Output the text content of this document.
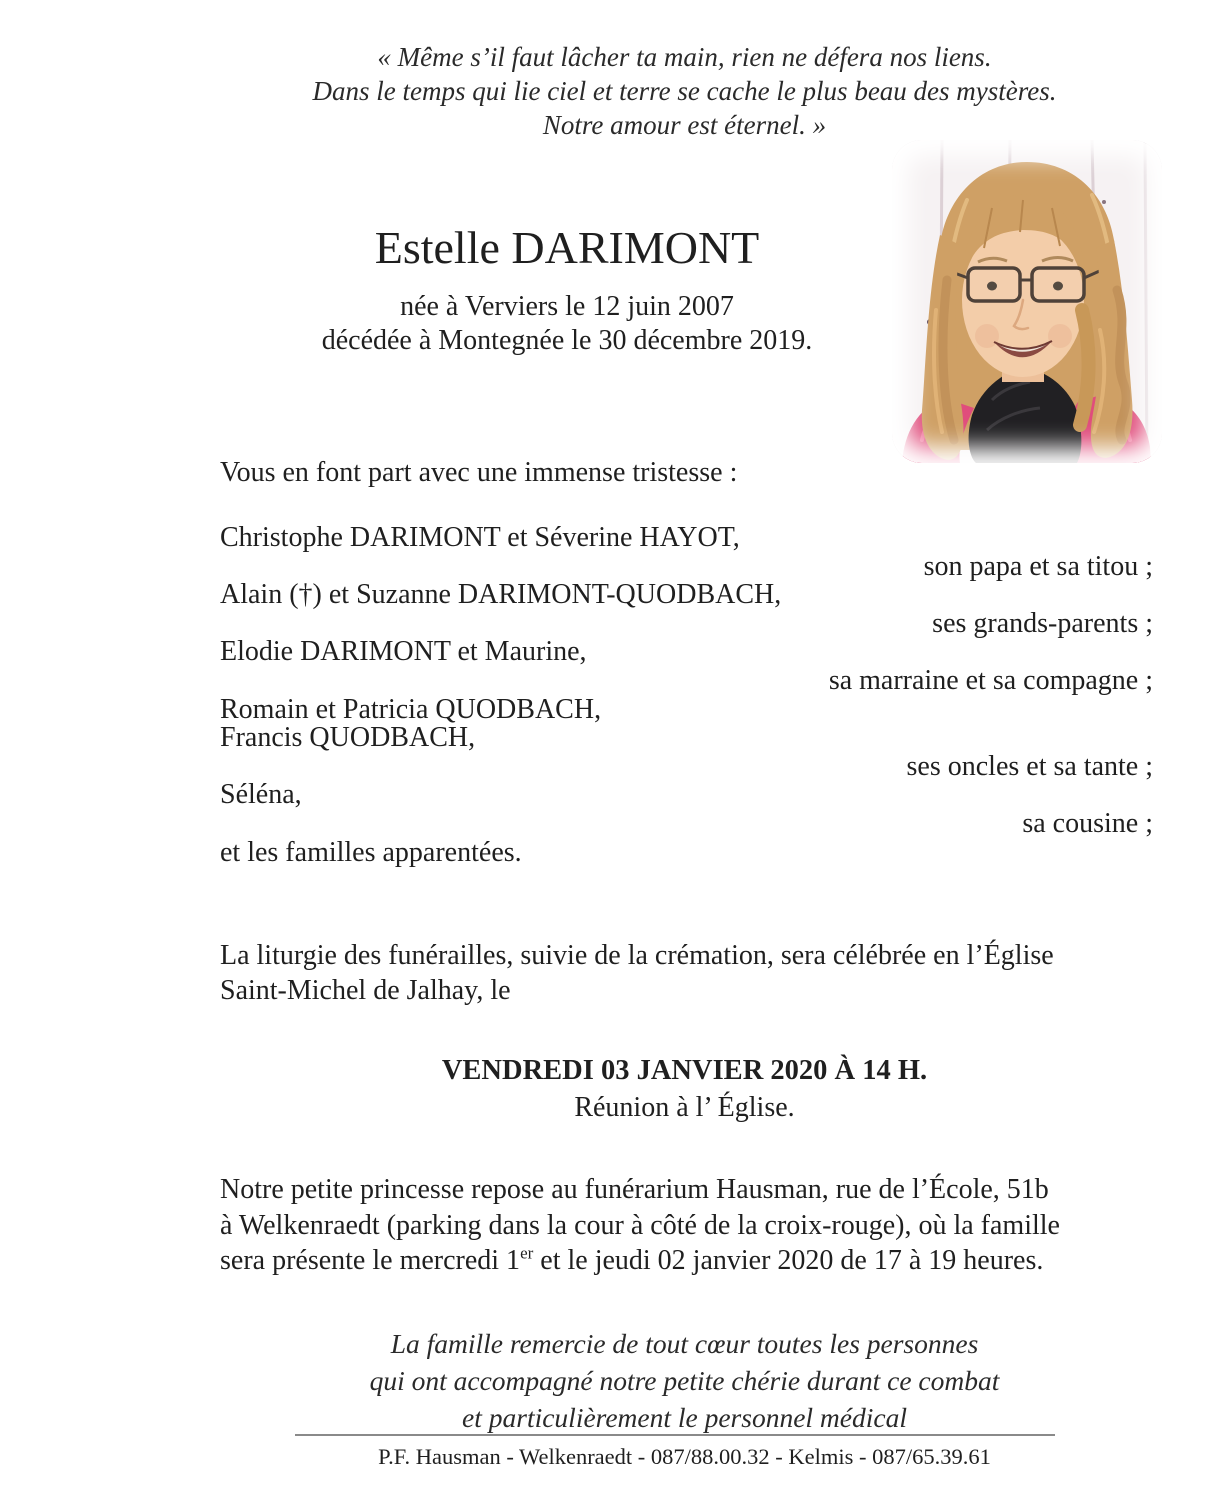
« Même s’il faut lâcher ta main, rien ne défera nos liens.
Dans le temps qui lie ciel et terre se cache le plus beau des mystères.
Notre amour est éternel. »
Estelle DARIMONT
née à Verviers le 12 juin 2007
décédée à Montegnée le 30 décembre 2019.
Vous en font part avec une immense tristesse :
Christophe DARIMONT et Séverine HAYOT,
son papa et sa titou ;
Alain (†) et Suzanne DARIMONT-QUODBACH,
ses grands-parents ;
Elodie DARIMONT et Maurine,
sa marraine et sa compagne ;
Romain et Patricia QUODBACH,
Francis QUODBACH,
ses oncles et sa tante ;
Séléna,
sa cousine ;
et les familles apparentées.
La liturgie des funérailles, suivie de la crémation, sera célébrée en l’Église
Saint-Michel de Jalhay, le
VENDREDI 03 JANVIER 2020 À 14 H.
Réunion à l’ Église.
Notre petite princesse repose au funérarium Hausman, rue de l’École, 51b
à Welkenraedt (parking dans la cour à côté de la croix-rouge), où la famille
sera présente le mercredi 1er et le jeudi 02 janvier 2020 de 17 à 19 heures.
La famille remercie de tout cœur toutes les personnes
qui ont accompagné notre petite chérie durant ce combat
et particulièrement le personnel médical
P.F. Hausman - Welkenraedt - 087/88.00.32 - Kelmis - 087/65.39.61
